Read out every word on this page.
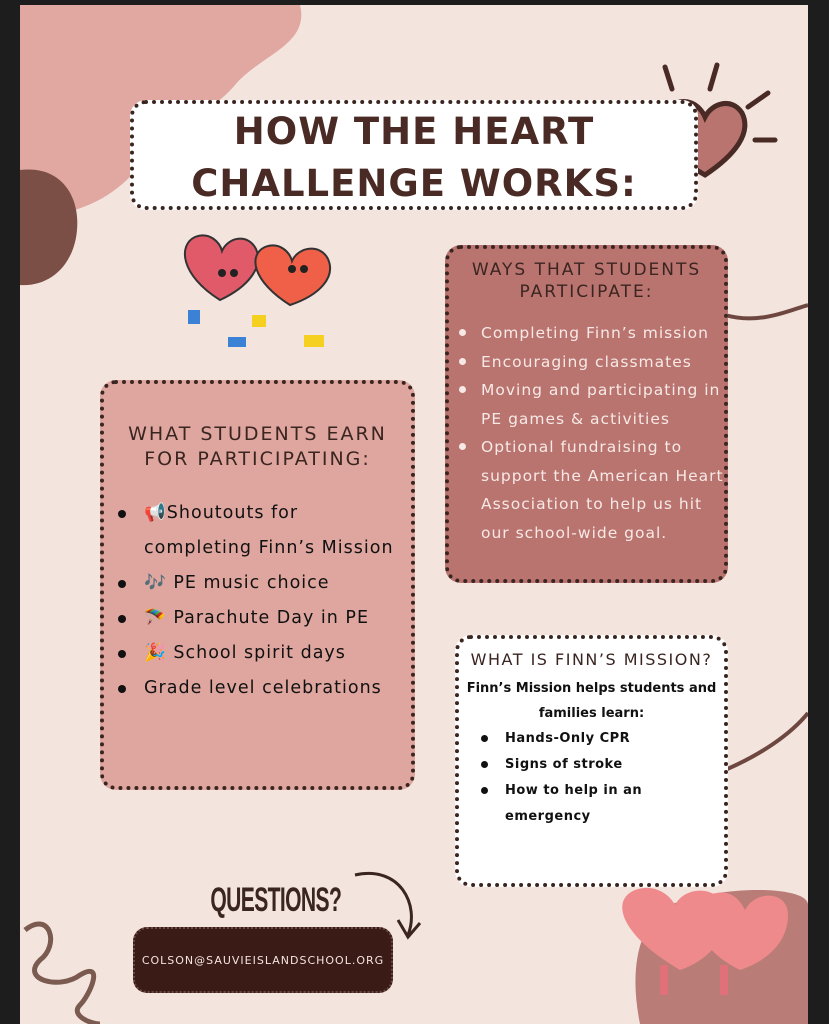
HOW THE HEART
CHALLENGE WORKS:
WHAT STUDENTS EARN FOR PARTICIPATING:
📢Shoutouts for completing Finn’s Mission
🎶 PE music choice
🪂 Parachute Day in PE
🎉 School spirit days
Grade level celebrations
WAYS THAT STUDENTS PARTICIPATE:
Completing Finn’s mission
Encouraging classmates
Moving and participating in PE games & activities
Optional fundraising to support the American Heart Association to help us hit our school-wide goal.
WHAT IS FINN’S MISSION?

Finn’s Mission helps students and families learn:

Hands-Only CPR
Signs of stroke
How to help in an emergency
QUESTIONS?
COLSON@SAUVIEISLANDSCHOOL.ORG
